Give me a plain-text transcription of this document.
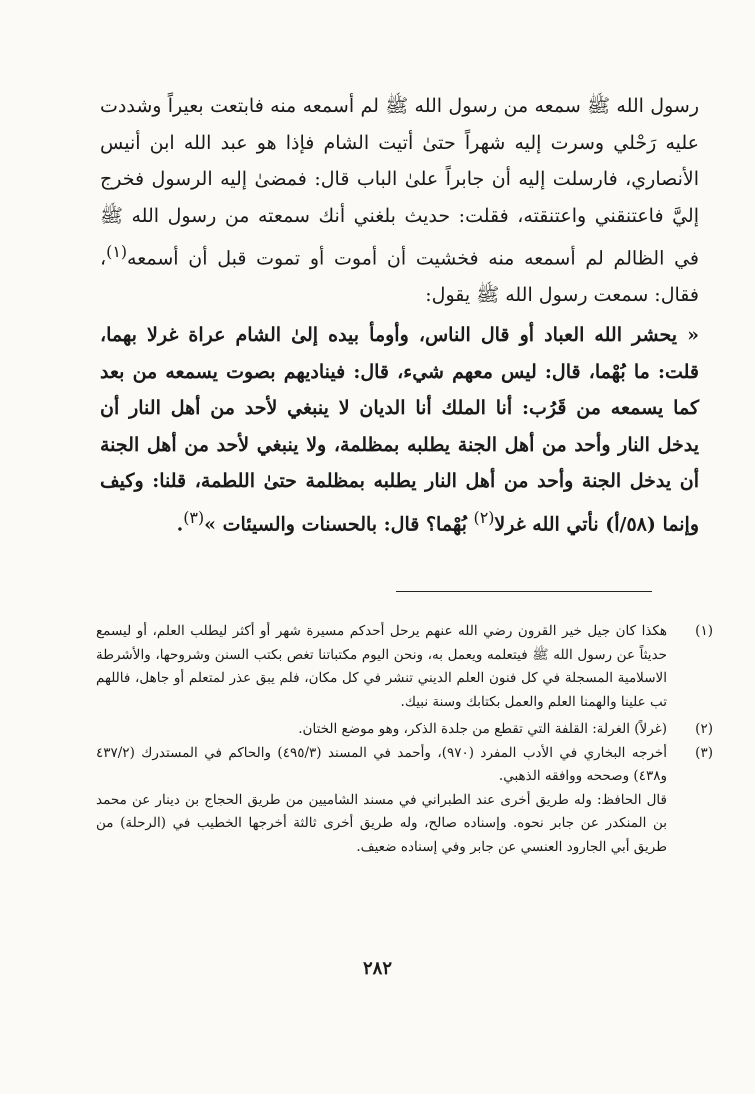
رسول الله ﷺ سمعه من رسول الله ﷺ لم أسمعه منه فابتعت بعيراً وشددت عليه رَحْلي وسرت إليه شهراً حتىٰ أتيت الشام فإذا هو عبد الله ابن أنيس الأنصاري، فارسلت إليه أن جابراً علىٰ الباب قال: فمضىٰ إليه الرسول فخرج إليَّ فاعتنقني واعتنقته، فقلت: حديث بلغني أنك سمعته من رسول الله ﷺ في الظالم لم أسمعه منه فخشيت أن أموت أو تموت قبل أن أسمعه$^{(١)}$، فقال: سمعت رسول الله ﷺ يقول:

« يحشر الله العباد أو قال الناس، وأومأ بيده إلىٰ الشام عراة غرلا بهما، قلت: ما بُهْما، قال: ليس معهم شيء، قال: فيناديهم بصوت يسمعه من بعد كما يسمعه من قَرُب: أنا الملك أنا الديان لا ينبغي لأحد من أهل النار أن يدخل النار وأحد من أهل الجنة يطلبه بمظلمة، ولا ينبغي لأحد من أهل الجنة أن يدخل الجنة وأحد من أهل النار يطلبه بمظلمة حتىٰ اللطمة، قلنا: وكيف وإنما (٥٨/أ) نأتي الله غرلا$^{(٢)}$ بُهْما؟ قال: بالحسنات والسيئات »$^{(٣)}$.

(١)
هكذا كان جيل خير القرون رضي الله عنهم يرحل أحدكم مسيرة شهر أو أكثر ليطلب العلم، أو ليسمع حديثاً عن رسول الله ﷺ فيتعلمه ويعمل به، ونحن اليوم مكتباتنا تغص بكتب السنن وشروحها، والأشرطة الاسلامية المسجلة في كل فنون العلم الديني تنشر في كل مكان، فلم يبق عذر لمتعلم أو جاهل، فاللهم تب علينا والهمنا العلم والعمل بكتابك وسنة نبيك.
(٢)
(غرلاً) الغرلة: القلفة التي تقطع من جلدة الذكر، وهو موضع الختان.
(٣)
أخرجه البخاري في الأدب المفرد (٩٧٠)، وأحمد في المسند (٤٩٥/٣) والحاكم في المستدرك (٤٣٧/٢ و٤٣٨) وصححه ووافقه الذهبي.
قال الحافظ: وله طريق أخرى عند الطبراني في مسند الشاميين من طريق الحجاج بن دينار عن محمد بن المنكدر عن جابر نحوه. وإسناده صالح، وله طريق أخرى ثالثة أخرجها الخطيب في (الرحلة) من طريق أبي الجارود العنسي عن جابر وفي إسناده ضعيف.
٢٨٢
